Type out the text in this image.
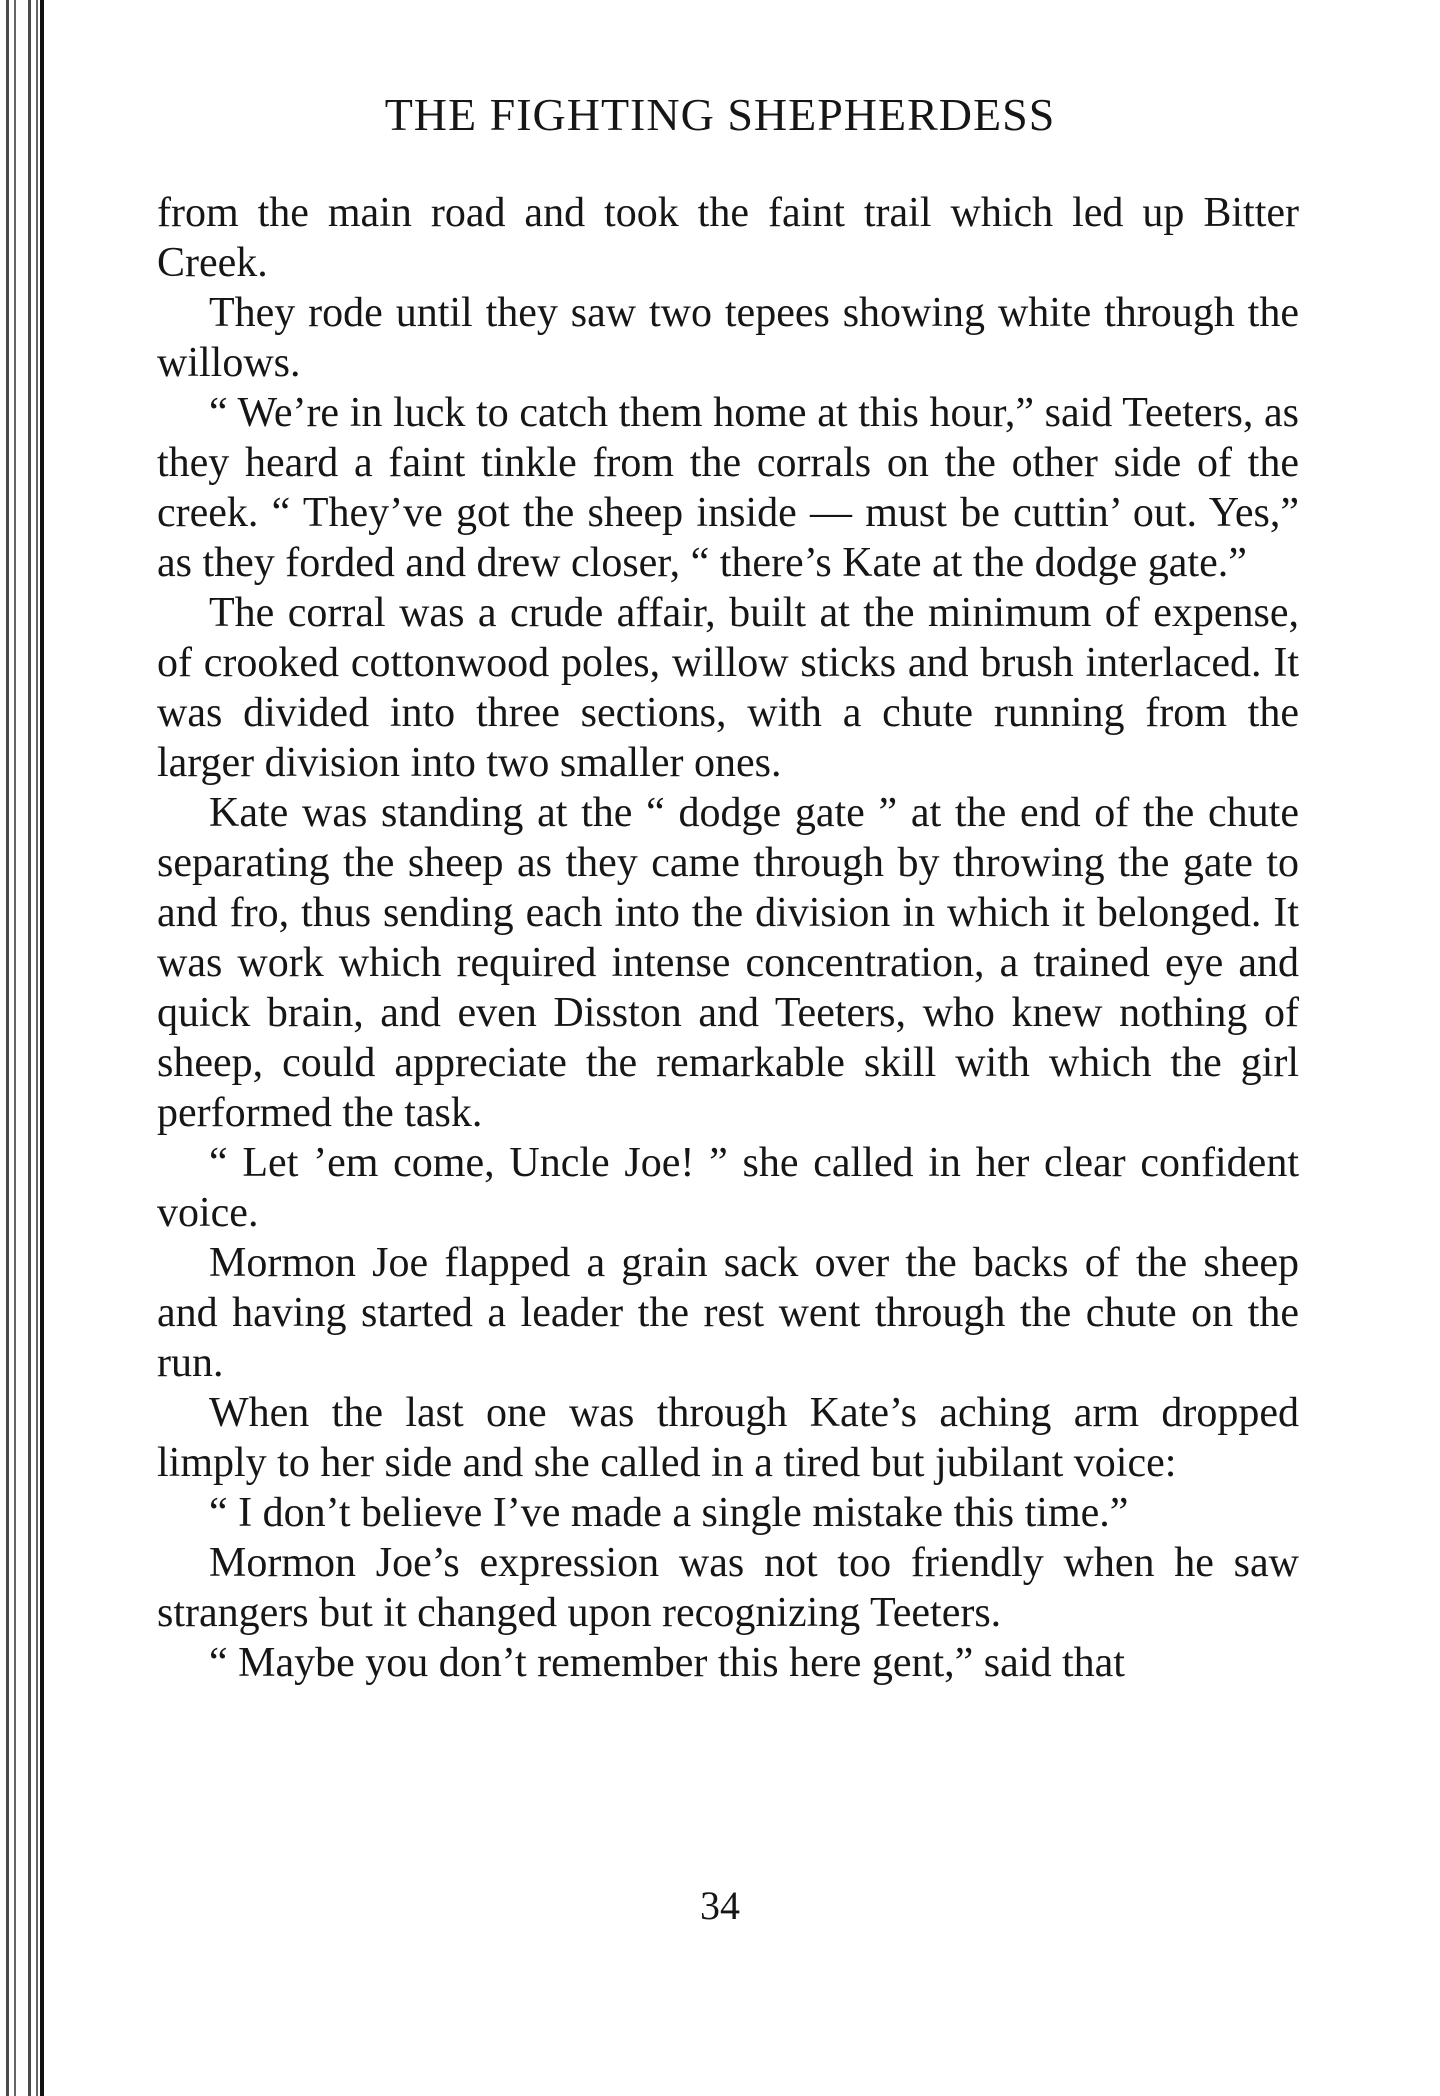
THE FIGHTING SHEPHERDESS

from the main road and took the faint trail which led up Bitter Creek.

They rode until they saw two tepees showing white through the willows.

“ We’re in luck to catch them home at this hour,” said Teeters, as they heard a faint tinkle from the corrals on the other side of the creek. “ They’ve got the sheep inside — must be cuttin’ out. Yes,” as they forded and drew closer, “ there’s Kate at the dodge gate.”

The corral was a crude affair, built at the minimum of expense, of crooked cottonwood poles, willow sticks and brush interlaced. It was divided into three sections, with a chute running from the larger division into two smaller ones.

Kate was standing at the “ dodge gate ” at the end of the chute separating the sheep as they came through by throwing the gate to and fro, thus sending each into the division in which it belonged. It was work which required intense concentration, a trained eye and quick brain, and even Disston and Teeters, who knew nothing of sheep, could appreciate the remarkable skill with which the girl performed the task.

“ Let ’em come, Uncle Joe! ” she called in her clear confident voice.

Mormon Joe flapped a grain sack over the backs of the sheep and having started a leader the rest went through the chute on the run.

When the last one was through Kate’s aching arm dropped limply to her side and she called in a tired but jubilant voice:

“ I don’t believe I’ve made a single mistake this time.”

Mormon Joe’s expression was not too friendly when he saw strangers but it changed upon recognizing Teeters.

“ Maybe you don’t remember this here gent,” said that

34
